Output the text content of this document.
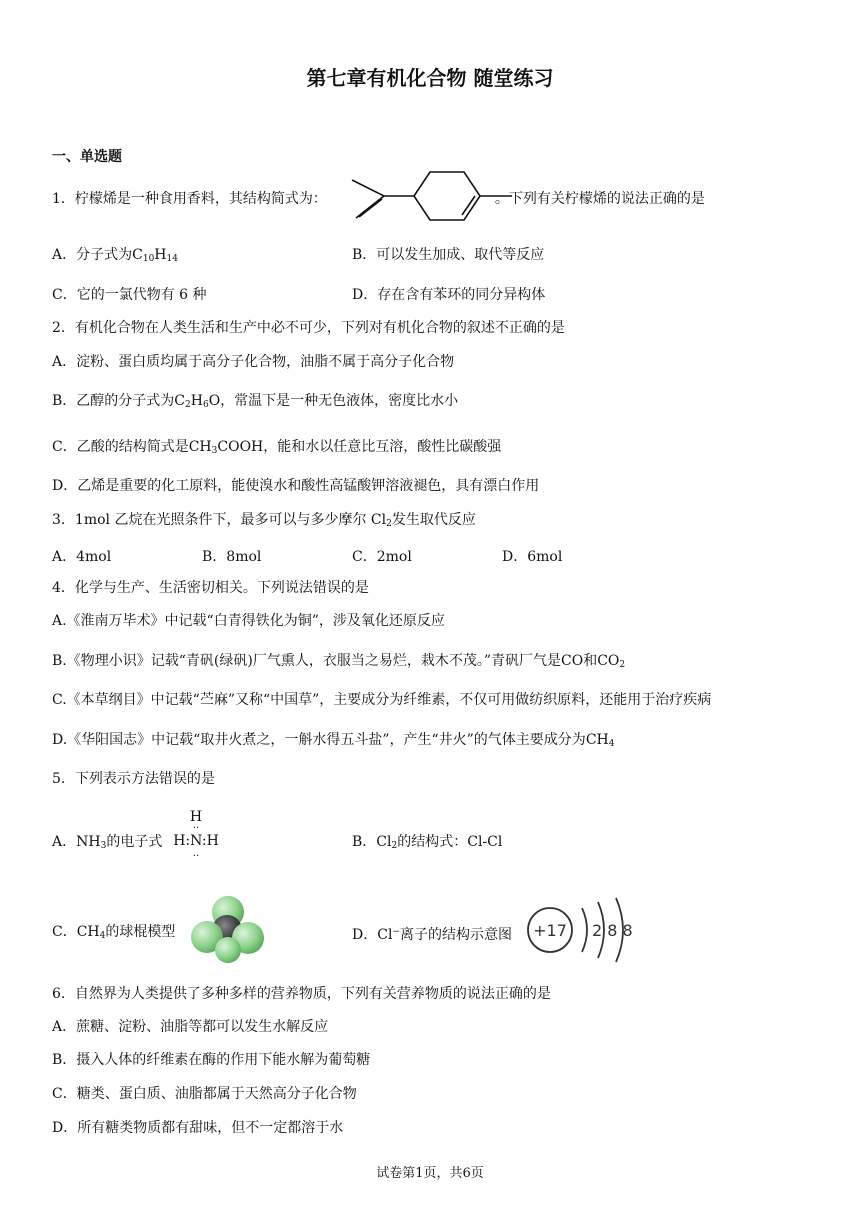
第七章有机化合物 随堂练习
一、单选题
1．柠檬烯是一种食用香料，其结构简式为：	。下列有关柠檬烯的说法正确的是
A．分子式为$C_{10}H_{14}$	B．可以发生加成、取代等反应
C．它的一氯代物有 6 种	D．存在含有苯环的同分异构体
2．有机化合物在人类生活和生产中必不可少，下列对有机化合物的叙述不正确的是
A．淀粉、蛋白质均属于高分子化合物，油脂不属于高分子化合物
B．乙醇的分子式为$C_2H_6O$，常温下是一种无色液体，密度比水小
C．乙酸的结构简式是$CH_3COOH$，能和水以任意比互溶，酸性比碳酸强
D．乙烯是重要的化工原料，能使溴水和酸性高锰酸钾溶液褪色，具有漂白作用
3．1mol 乙烷在光照条件下，最多可以与多少摩尔 $Cl_2$发生取代反应
A．4mol	B．8mol	C．2mol	D．6mol
4．化学与生产、生活密切相关。下列说法错误的是
A.《淮南万毕术》中记载“白青得铁化为铜”，涉及氧化还原反应
B.《物理小识》记载“青矾(绿矾)厂气熏人，衣服当之易烂，栽木不茂。”青矾厂气是CO和$CO_2$
C.《本草纲目》中记载“苎麻”又称“中国草”，主要成分为纤维素，不仅可用做纺织原料，还能用于治疗疾病
D.《华阳国志》中记载“取井火煮之，一斛水得五斗盐”，产生“井火”的气体主要成分为$CH_4$
5．下列表示方法错误的是
A．$NH_3$的电子式
H
··
H:N:H
··
B．$Cl_2$的结构式：Cl-Cl
C．$CH_4$的球棍模型	D．Cl−离子的结构示意图 +17 2 8 8
6．自然界为人类提供了多种多样的营养物质，下列有关营养物质的说法正确的是
A．蔗糖、淀粉、油脂等都可以发生水解反应
B．摄入人体的纤维素在酶的作用下能水解为葡萄糖
C．糖类、蛋白质、油脂都属于天然高分子化合物
D．所有糖类物质都有甜味，但不一定都溶于水
试卷第1页，共6页
